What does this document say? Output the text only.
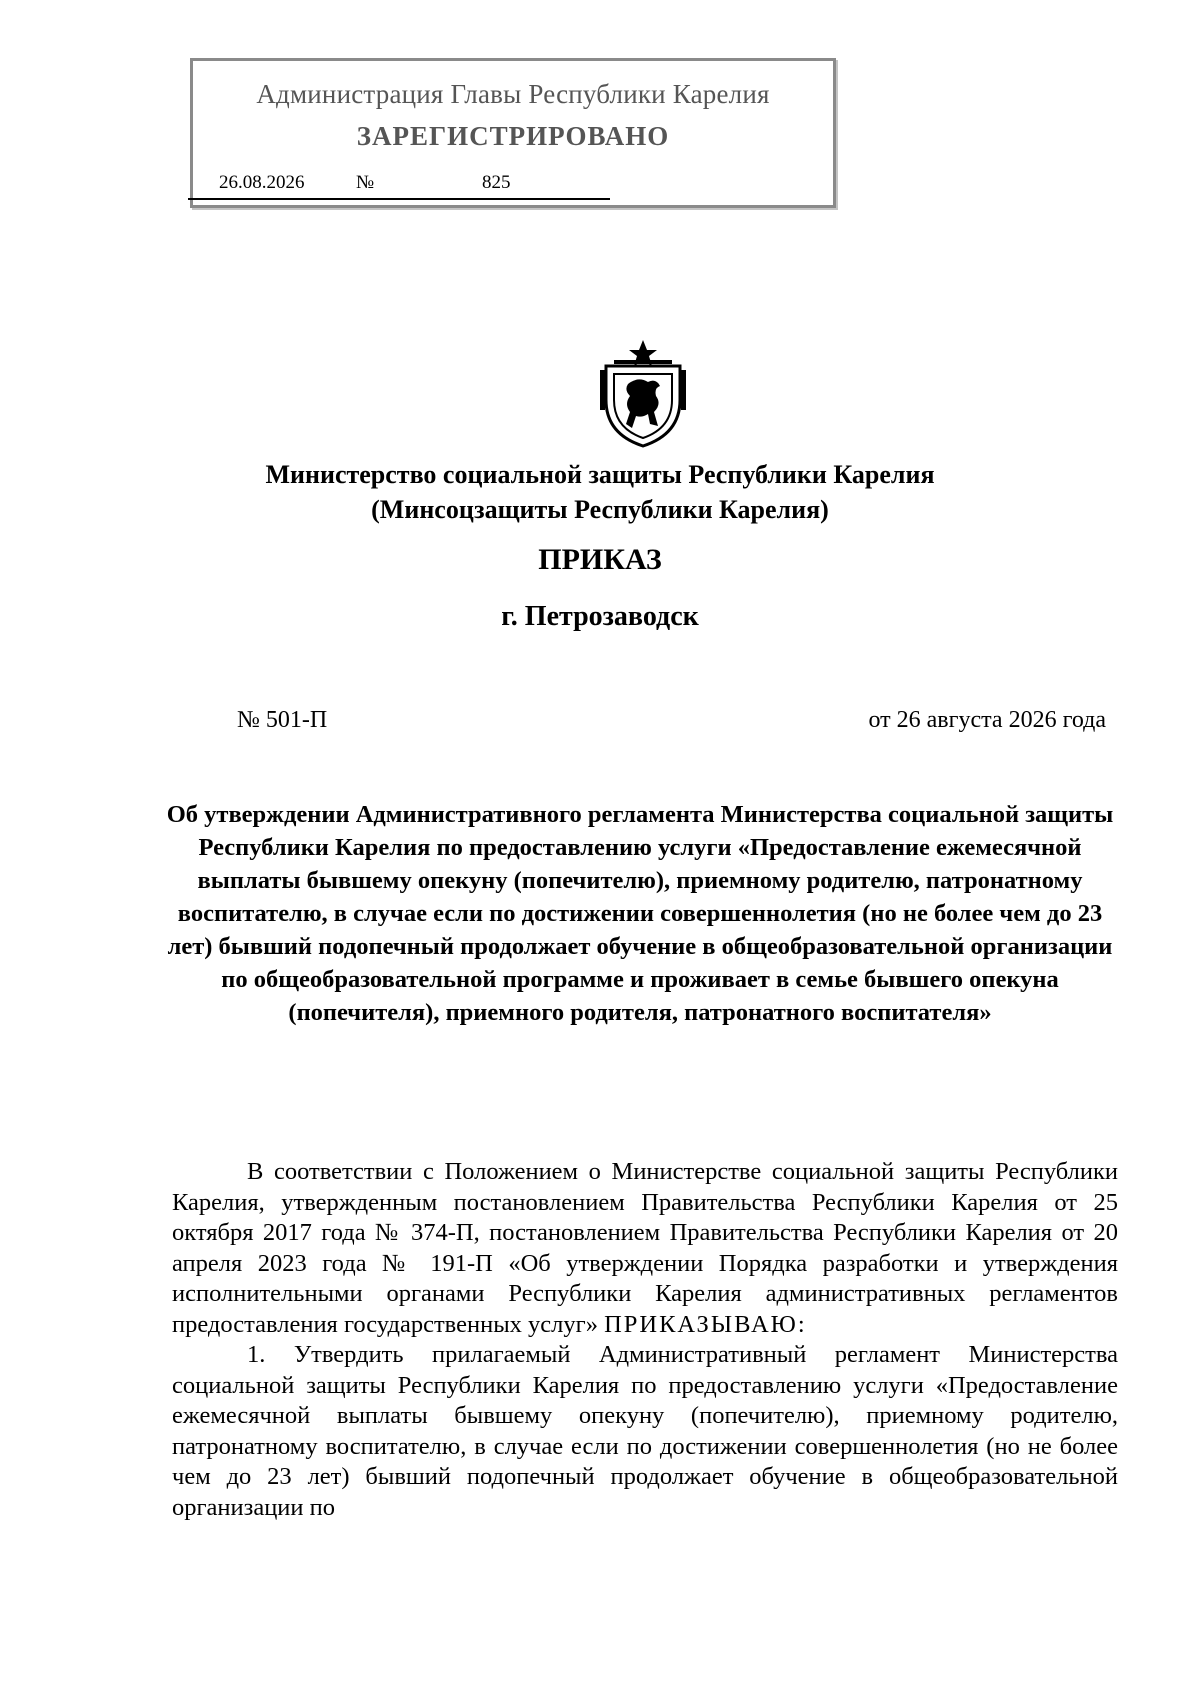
Администрация Главы Республики Карелия
ЗАРЕГИСТРИРОВАНО
26.08.2026	№	825
Министерство социальной защиты Республики Карелия
(Минсоцзащиты Республики Карелия)
ПРИКАЗ
г. Петрозаводск
№ 501-П	от 26 августа 2026 года
Об утверждении Административного регламента Министерства социальной защиты Республики Карелия по предоставлению услуги «Предоставление ежемесячной выплаты бывшему опекуну (попечителю), приемному родителю, патронатному воспитателю, в случае если по достижении совершеннолетия (но не более чем до 23 лет) бывший подопечный продолжает обучение в общеобразовательной организации по общеобразовательной программе и проживает в семье бывшего опекуна (попечителя), приемного родителя, патронатного воспитателя»

В соответствии с Положением о Министерстве социальной защиты Республики Карелия, утвержденным постановлением Правительства Республики Карелия от 25 октября 2017 года № 374-П, постановлением Правительства Республики Карелия от 20 апреля 2023 года № 191-П «Об утверждении Порядка разработки и утверждения исполнительными органами Республики Карелия административных регламентов предоставления государственных услуг» ПРИКАЗЫВАЮ:

1. Утвердить прилагаемый Административный регламент Министерства социальной защиты Республики Карелия по предоставлению услуги «Предоставление ежемесячной выплаты бывшему опекуну (попечителю), приемному родителю, патронатному воспитателю, в случае если по достижении совершеннолетия (но не более чем до 23 лет) бывший подопечный продолжает обучение в общеобразовательной организации по
